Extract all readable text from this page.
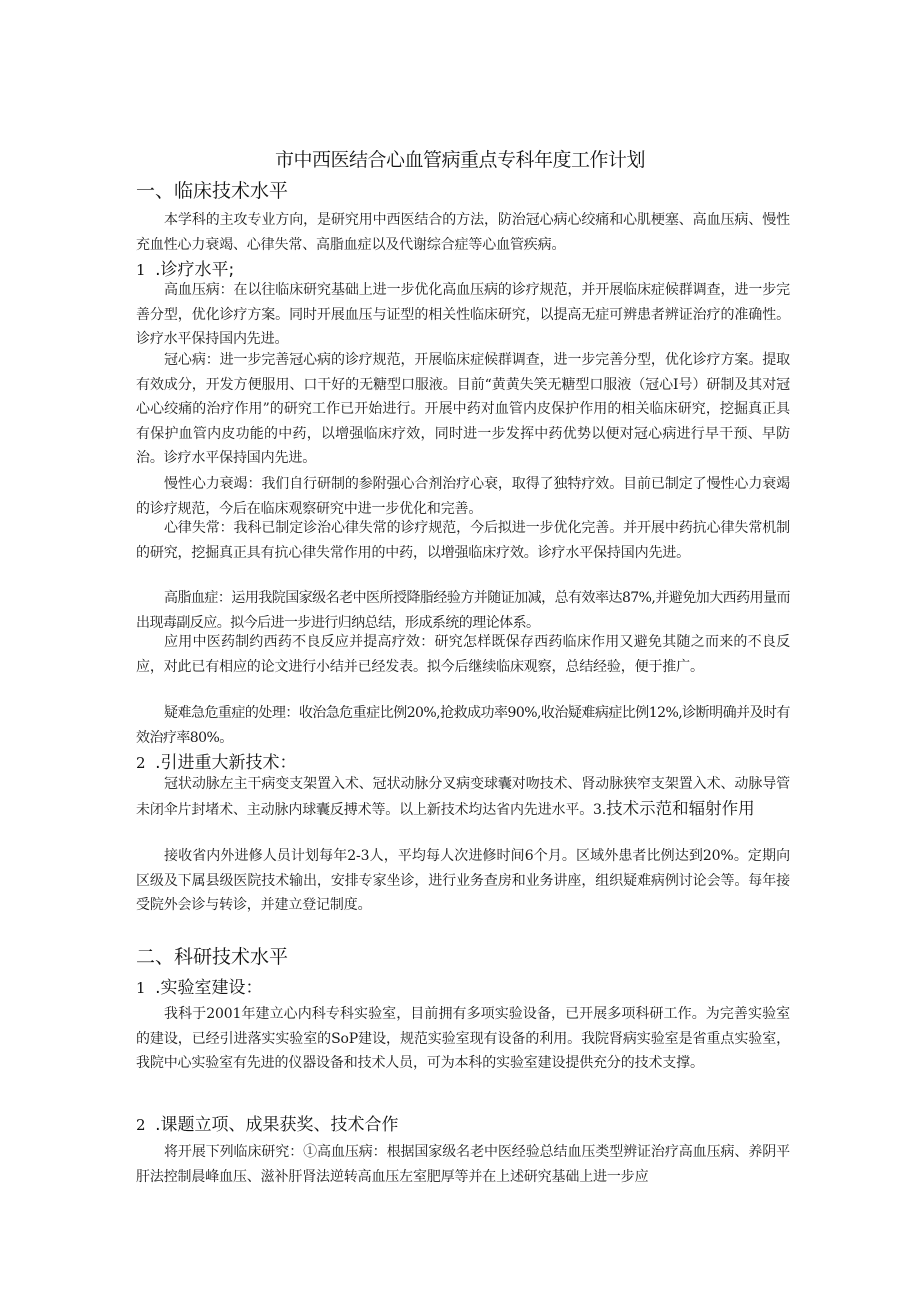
市中西医结合心血管病重点专科年度工作计划
一、临床技术水平

本学科的主攻专业方向，是研究用中西医结合的方法，防治冠心病心绞痛和心肌梗塞、高血压病、慢性充血性心力衰竭、心律失常、高脂血症以及代谢综合症等心血管疾病。

1 .诊疗水平;

高血压病：在以往临床研究基础上进一步优化高血压病的诊疗规范，并开展临床症候群调查，进一步完善分型，优化诊疗方案。同时开展血压与证型的相关性临床研究，以提高无症可辨患者辨证治疗的准确性。诊疗水平保持国内先进。

冠心病：进一步完善冠心病的诊疗规范，开展临床症候群调查，进一步完善分型，优化诊疗方案。提取有效成分，开发方便服用、口干好的无糖型口服液。目前“黄黄失笑无糖型口服液（冠心I号）研制及其对冠心心绞痛的治疗作用”的研究工作已开始进行。开展中药对血管内皮保护作用的相关临床研究，挖掘真正具有保护血管内皮功能的中药，以增强临床疗效，同时进一步发挥中药优势以便对冠心病进行早干预、早防治。诊疗水平保持国内先进。

慢性心力衰竭：我们自行研制的参附强心合剂治疗心衰，取得了独特疗效。目前已制定了慢性心力衰竭的诊疗规范，今后在临床观察研究中进一步优化和完善。

心律失常：我科已制定诊治心律失常的诊疗规范，今后拟进一步优化完善。并开展中药抗心律失常机制的研究，挖掘真正具有抗心律失常作用的中药，以增强临床疗效。诊疗水平保持国内先进。

高脂血症：运用我院国家级名老中医所授降脂经验方并随证加减，总有效率达87%,并避免加大西药用量而出现毒副反应。拟今后进一步进行归纳总结，形成系统的理论体系。

应用中医药制约西药不良反应并提高疗效：研究怎样既保存西药临床作用又避免其随之而来的不良反应，对此已有相应的论文进行小结并已经发表。拟今后继续临床观察，总结经验，便于推广。

疑难急危重症的处理：收治急危重症比例20%,抢救成功率90%,收治疑难病症比例12%,诊断明确并及时有效治疗率80%。

2 .引进重大新技术：

冠状动脉左主干病变支架置入术、冠状动脉分叉病变球囊对吻技术、肾动脉狭窄支架置入术、动脉导管未闭伞片封堵术、主动脉内球囊反搏术等。以上新技术均达省内先进水平。3.技术示范和辐射作用

接收省内外进修人员计划每年2-3人，平均每人次进修时间6个月。区域外患者比例达到20%。定期向区级及下属县级医院技术输出，安排专家坐诊，进行业务查房和业务讲座，组织疑难病例讨论会等。每年接受院外会诊与转诊，并建立登记制度。

二、科研技术水平
1 .实验室建设：

我科于2001年建立心内科专科实验室，目前拥有多项实验设备，已开展多项科研工作。为完善实验室的建设，已经引进落实实验室的SoP建设，规范实验室现有设备的利用。我院肾病实验室是省重点实验室，我院中心实验室有先进的仪器设备和技术人员，可为本科的实验室建设提供充分的技术支撑。

2 .课题立项、成果获奖、技术合作

将开展下列临床研究：①高血压病：根据国家级名老中医经验总结血压类型辨证治疗高血压病、养阴平肝法控制晨峰血压、滋补肝肾法逆转高血压左室肥厚等并在上述研究基础上进一步应
